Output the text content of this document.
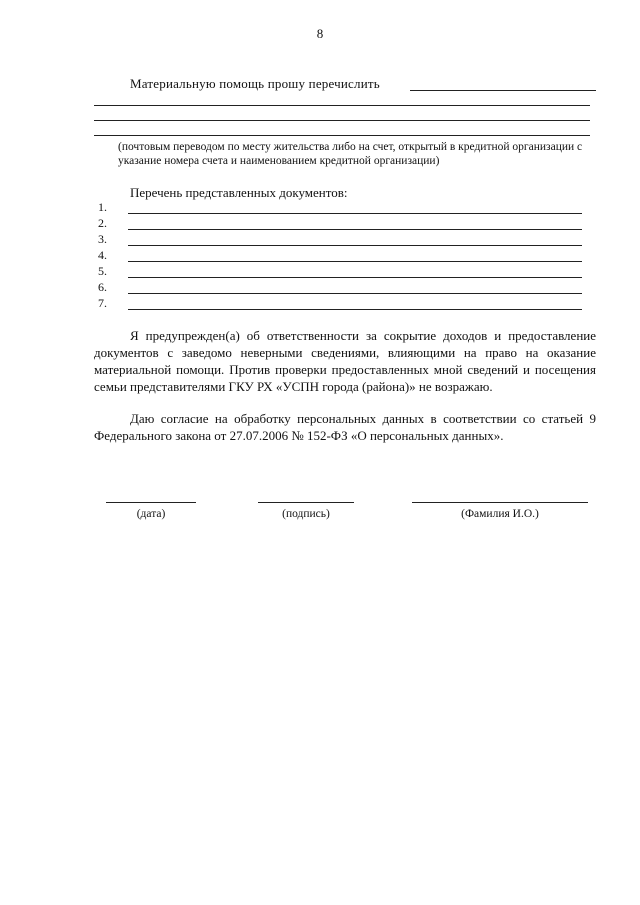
8
Материальную помощь прошу перечислить
(почтовым переводом по месту жительства либо на счет, открытый в кредитной организации с указание номера счета и наименованием кредитной организации)
Перечень представленных документов:
1.
2.
3.
4.
5.
6.
7.

Я предупрежден(а) об ответственности за сокрытие доходов и предоставление документов с заведомо неверными сведениями, влияющими на право на оказание материальной помощи. Против проверки предоставленных мной сведений и посещения семьи представителями ГКУ РХ «УСПН города (района)» не возражаю.

Даю согласие на обработку персональных данных в соответствии со статьей 9 Федерального закона от 27.07.2006 № 152-ФЗ «О персональных данных».

(дата)	(подпись)	(Фамилия И.О.)
